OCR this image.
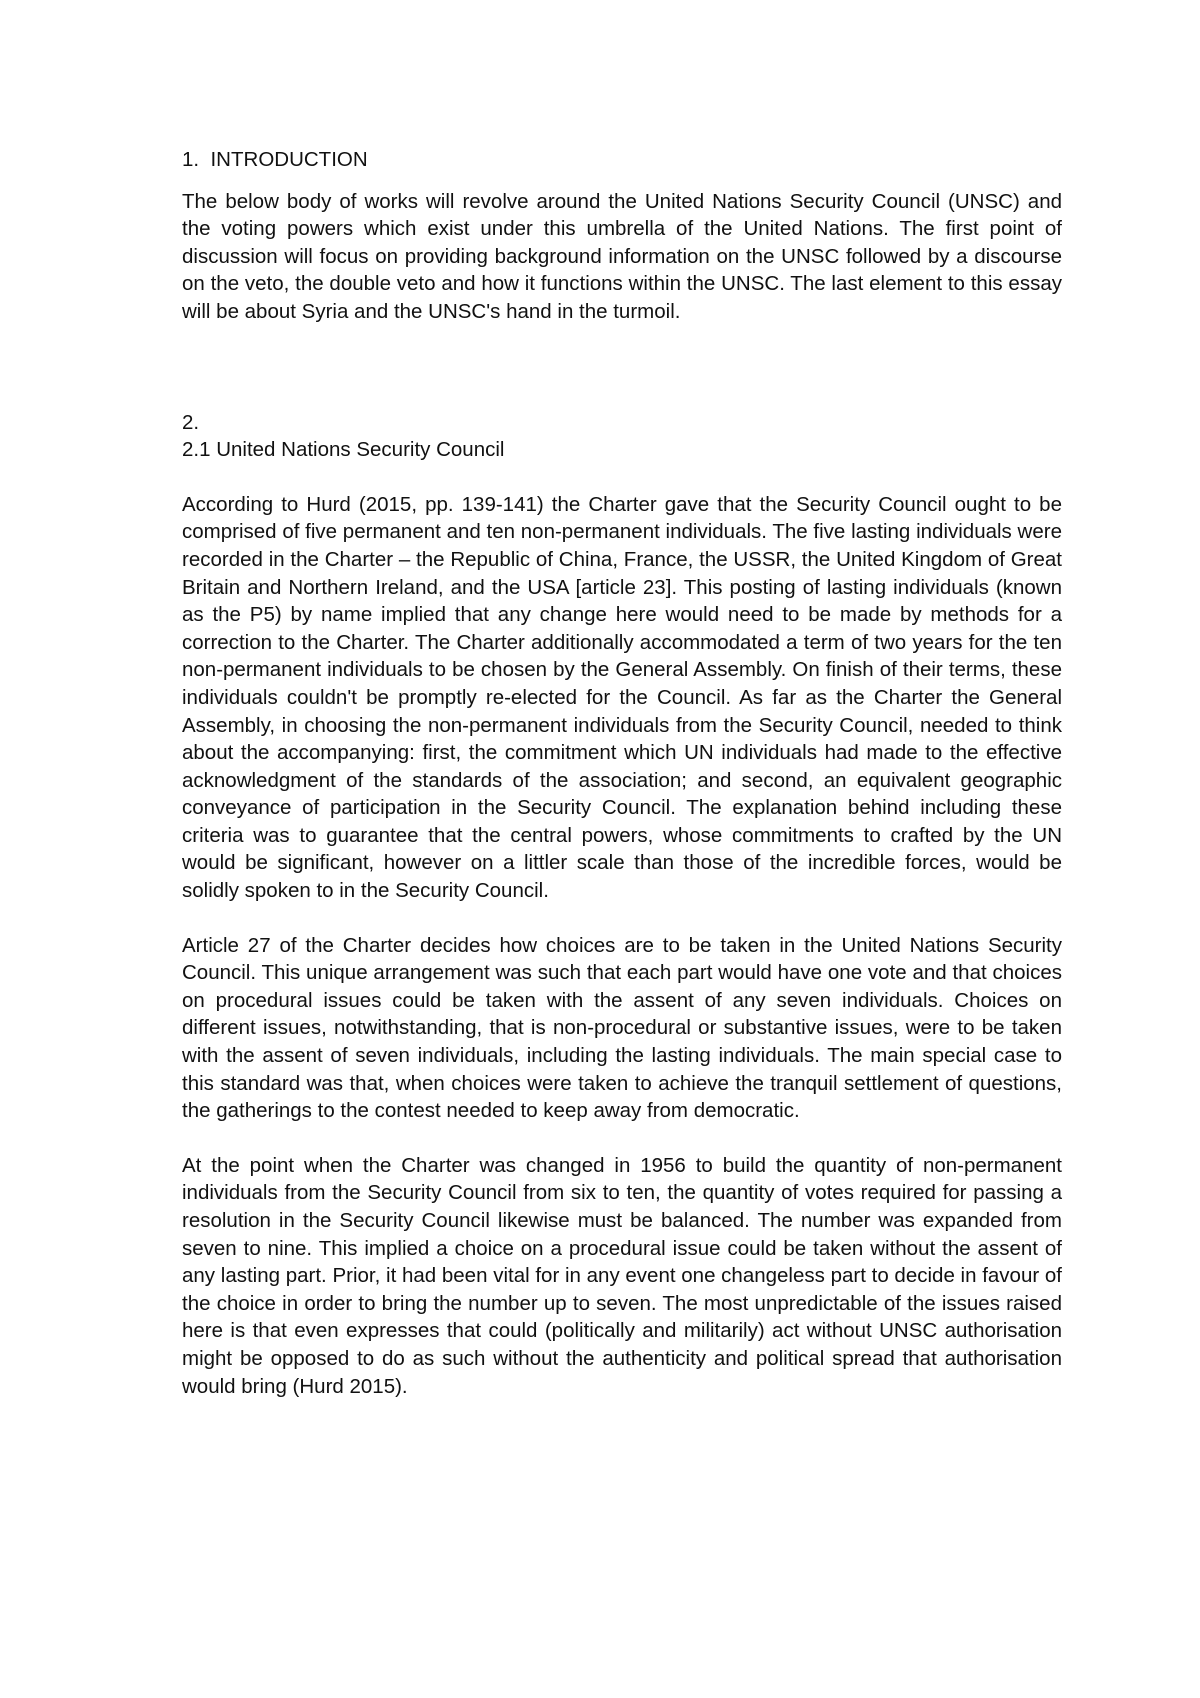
1.  INTRODUCTION

The below body of works will revolve around the United Nations Security Council (UNSC) and the voting powers which exist under this umbrella of the United Nations. The first point of discussion will focus on providing background information on the UNSC followed by a discourse on the veto, the double veto and how it functions within the UNSC. The last element to this essay will be about Syria and the UNSC's hand in the turmoil.

2.

2.1 United Nations Security Council

According to Hurd (2015, pp. 139-141) the Charter gave that the Security Council ought to be comprised of five permanent and ten non-permanent individuals. The five lasting individuals were recorded in the Charter – the Republic of China, France, the USSR, the United Kingdom of Great Britain and Northern Ireland, and the USA [article 23]. This posting of lasting individuals (known as the P5) by name implied that any change here would need to be made by methods for a correction to the Charter. The Charter additionally accommodated a term of two years for the ten non-permanent individuals to be chosen by the General Assembly. On finish of their terms, these individuals couldn't be promptly re-elected for the Council. As far as the Charter the General Assembly, in choosing the non-permanent individuals from the Security Council, needed to think about the accompanying: first, the commitment which UN individuals had made to the effective acknowledgment of the standards of the association; and second, an equivalent geographic conveyance of participation in the Security Council. The explanation behind including these criteria was to guarantee that the central powers, whose commitments to crafted by the UN would be significant, however on a littler scale than those of the incredible forces, would be solidly spoken to in the Security Council.

Article 27 of the Charter decides how choices are to be taken in the United Nations Security Council. This unique arrangement was such that each part would have one vote and that choices on procedural issues could be taken with the assent of any seven individuals. Choices on different issues, notwithstanding, that is non-procedural or substantive issues, were to be taken with the assent of seven individuals, including the lasting individuals. The main special case to this standard was that, when choices were taken to achieve the tranquil settlement of questions, the gatherings to the contest needed to keep away from democratic.

At the point when the Charter was changed in 1956 to build the quantity of non-permanent individuals from the Security Council from six to ten, the quantity of votes required for passing a resolution in the Security Council likewise must be balanced. The number was expanded from seven to nine. This implied a choice on a procedural issue could be taken without the assent of any lasting part. Prior, it had been vital for in any event one changeless part to decide in favour of the choice in order to bring the number up to seven. The most unpredictable of the issues raised here is that even expresses that could (politically and militarily) act without UNSC authorisation might be opposed to do as such without the authenticity and political spread that authorisation would bring (Hurd 2015).
